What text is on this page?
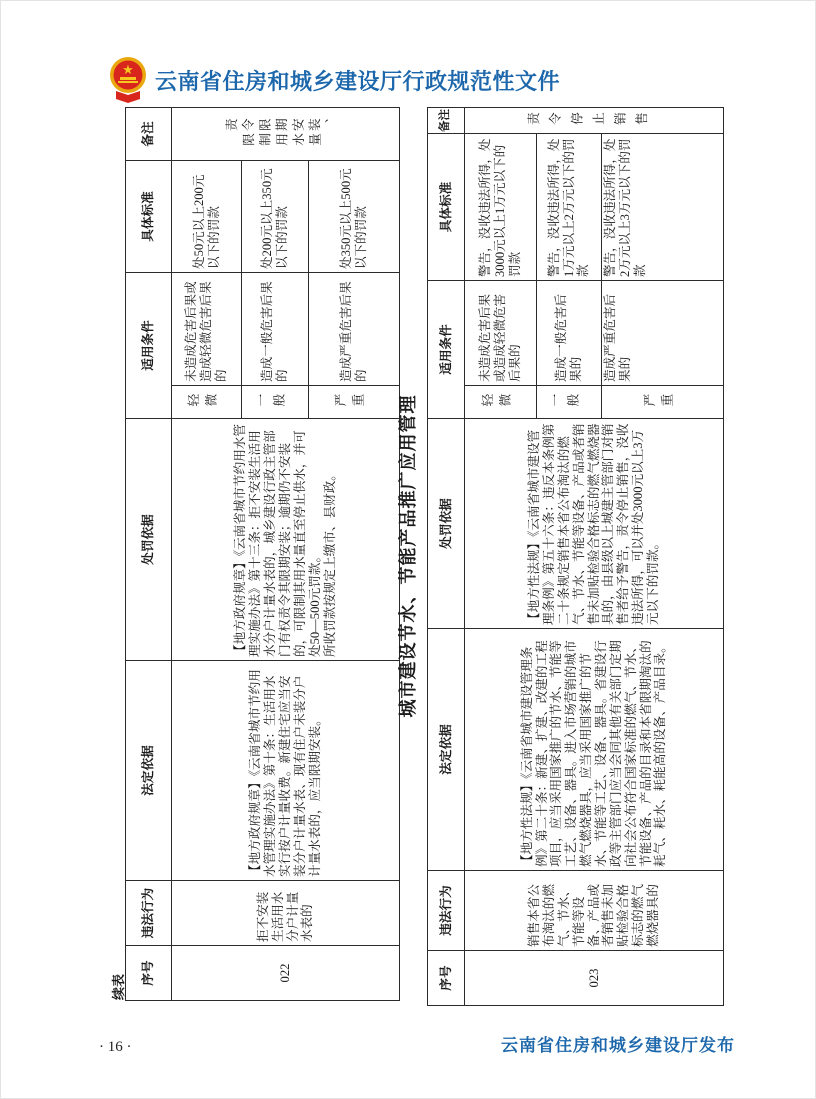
★ 云南省住房和城乡建设厅行政规范性文件
续表
序号	违法行为	法定依据	处罚依据	适用条件		具体标准	备注
022	拒不安装生活用水分户计量水表的	【地方政府规章】《云南省城市节约用水管理实施办法》第十条：生活用水实行按户计量收费。新建住宅应当安装分户计量水表、现有住户未装分户计量水表的，应当限期安装。	【地方政府规章】《云南省城市节约用水管理实施办法》第十三条：拒不安装生活用水分户计量水表的，城乡建设行政主管部门有权责令其限期安装；逾期仍不安装的，可限制其用水量直至停止供水，并可处50—500元罚款。 所收罚款按规定上缴市、县财政。	轻微	未造成危害后果或造成轻微危害后果的	处50元以上200元以下的罚款	责令限期安装、限制用水量
				一般	造成一般危害后果的	处200元以上350元以下的罚款	
				严重	造成严重危害后果的	处350元以上500元以下的罚款	
城市建设节水、节能产品推广应用管理
序号	违法行为	法定依据	处罚依据	适用条件		具体标准	备注
023	销售本省公布淘汰的燃气、节水、节能等设备、产品或者销售未加贴检验合格标志的燃气燃烧器具的	【地方性法规】《云南省城市建设管理条例》第二十条：新建、扩建、改建的工程项目，应当采用国家推广的节水、节能等工艺、设备、器具。进入市场营销的城市燃气燃烧器具，应当采用国家推广的节水、节能等工艺、设备、器具。省建设行政等主管部门应当会同其他有关部门定期向社会公布符合国家标准的燃气、节水、节能设备、产品的目录和本省限期淘汰的耗气、耗水、耗能高的设备、产品目录。	【地方性法规】《云南省城市建设管理条例》第五十六条：违反本条例第二十条规定销售本省公布淘汰的燃气、节水、节能等设备、产品或者销售未加贴检验合格标志的燃气燃烧器具的，由县级以上城建主管部门对销售者给予警告，责令停止销售，没收违法所得，可以并处3000元以上3万元以下的罚款。	轻微	未造成危害后果或造成轻微危害后果的	警告，没收违法所得，处3000元以上1万元以下的罚款	责令停止销售
				一般	造成一般危害后果的	警告，没收违法所得，处1万元以上2万元以下的罚款	
				严重	造成严重危害后果的	警告，没收违法所得，处2万元以上3万元以下的罚款	
· 16 ·	云南省住房和城乡建设厅发布
